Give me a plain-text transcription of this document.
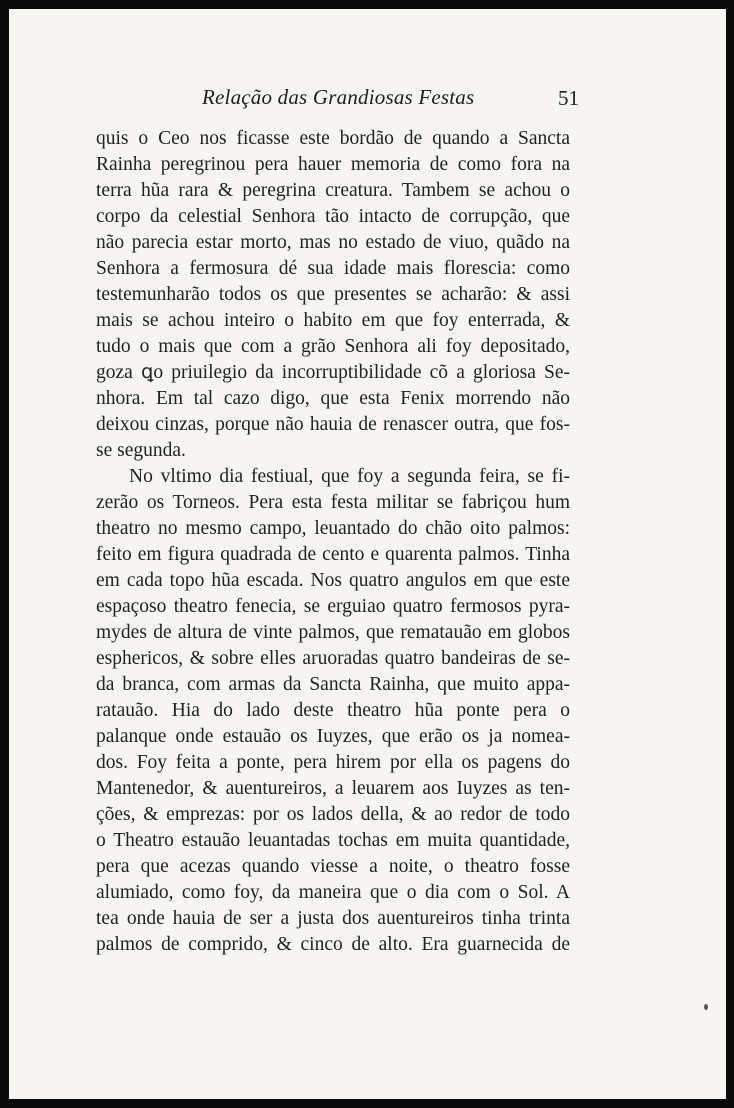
Relação das Grandiosas Festas	51
quis o Ceo nos ficasse este bordão de quando a Sancta
Rainha peregrinou pera hauer memoria de como fora na
terra hũa rara & peregrina creatura. Tambem se achou o
corpo da celestial Senhora tão intacto de corrupção, que
não parecia estar morto, mas no estado de viuo, quãdo na
Senhora a fermosura dé sua idade mais florescia: como
testemunharão todos os que presentes se acharão: & assi
mais se achou inteiro o habito em que foy enterrada, &
tudo o mais que com a grão Senhora ali foy depositado,
goza ꝗo priuilegio da incorruptibilidade cõ a gloriosa Se-
nhora. Em tal cazo digo, que esta Fenix morrendo não
deixou cinzas, porque não hauia de renascer outra, que fos-
se segunda.
No vltimo dia festiual, que foy a segunda feira, se fi-
zerão os Torneos. Pera esta festa militar se fabriçou hum
theatro no mesmo campo, leuantado do chão oito palmos:
feito em figura quadrada de cento e quarenta palmos. Tinha
em cada topo hũa escada. Nos quatro angulos em que este
espaçoso theatro fenecia, se erguiao quatro fermosos pyra-
mydes de altura de vinte palmos, que rematauão em globos
esphericos, & sobre elles aruoradas quatro bandeiras de se-
da branca, com armas da Sancta Rainha, que muito appa-
ratauão. Hia do lado deste theatro hũa ponte pera o
palanque onde estauão os Iuyzes, que erão os ja nomea-
dos. Foy feita a ponte, pera hirem por ella os pagens do
Mantenedor, & auentureiros, a leuarem aos Iuyzes as ten-
ções, & emprezas: por os lados della, & ao redor de todo
o Theatro estauão leuantadas tochas em muita quantidade,
pera que acezas quando viesse a noite, o theatro fosse
alumiado, como foy, da maneira que o dia com o Sol. A
tea onde hauia de ser a justa dos auentureiros tinha trinta
palmos de comprido, & cinco de alto. Era guarnecida de
